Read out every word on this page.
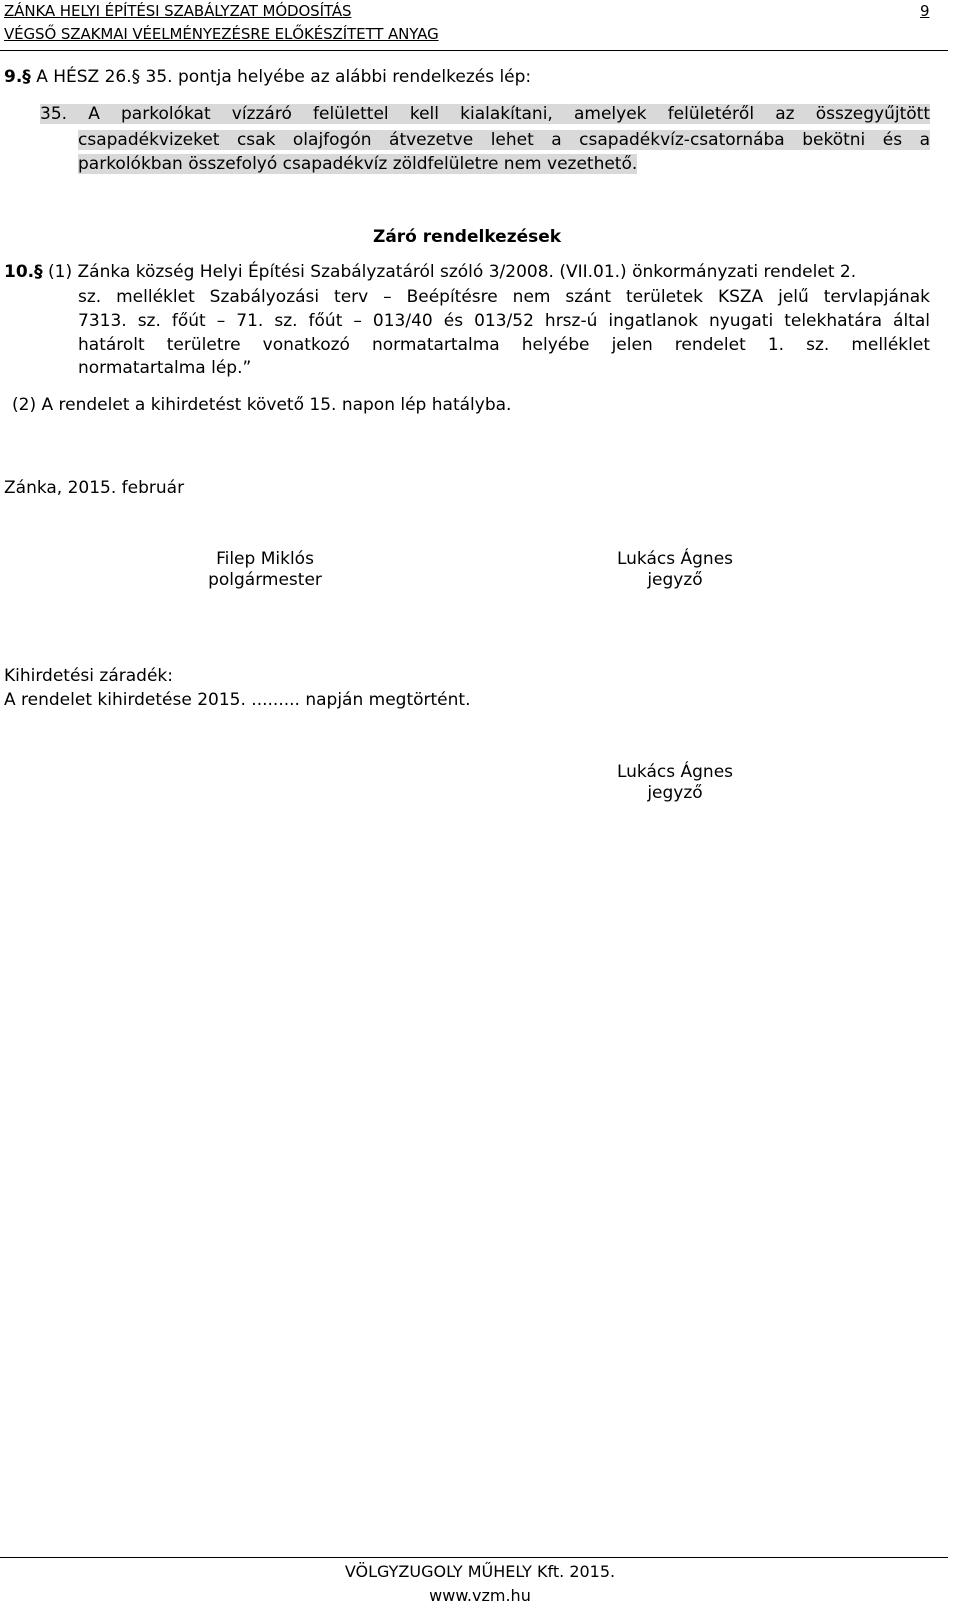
ZÁNKA HELYI ÉPÍTÉSI SZABÁLYZAT MÓDOSÍTÁS
VÉGSŐ SZAKMAI VÉELMÉNYEZÉSRE ELŐKÉSZÍTETT ANYAG
9
9.§ A HÉSZ 26.§ 35. pontja helyébe az alábbi rendelkezés lép:
35. A parkolókat vízzáró felülettel kell kialakítani, amelyek felületéről az összegyűjtött
csapadékvizeket csak olajfogón átvezetve lehet a csapadékvíz-csatornába bekötni és a
parkolókban összefolyó csapadékvíz zöldfelületre nem vezethető.
Záró rendelkezések
10.§ (1) Zánka község Helyi Építési Szabályzatáról szóló 3/2008. (VII.01.) önkormányzati rendelet 2.
sz. melléklet Szabályozási terv – Beépítésre nem szánt területek KSZA jelű tervlapjának
7313. sz. főút – 71. sz. főút – 013/40 és 013/52 hrsz-ú ingatlanok nyugati telekhatára által
határolt területre vonatkozó normatartalma helyébe jelen rendelet 1. sz. melléklet
normatartalma lép.”
(2) A rendelet a kihirdetést követő 15. napon lép hatályba.
Zánka, 2015. február
Filep Miklós
polgármester
Lukács Ágnes
jegyző
Kihirdetési záradék:
A rendelet kihirdetése 2015. ......... napján megtörtént.
Lukács Ágnes
jegyző
VÖLGYZUGOLY MŰHELY Kft. 2015.
www.vzm.hu
